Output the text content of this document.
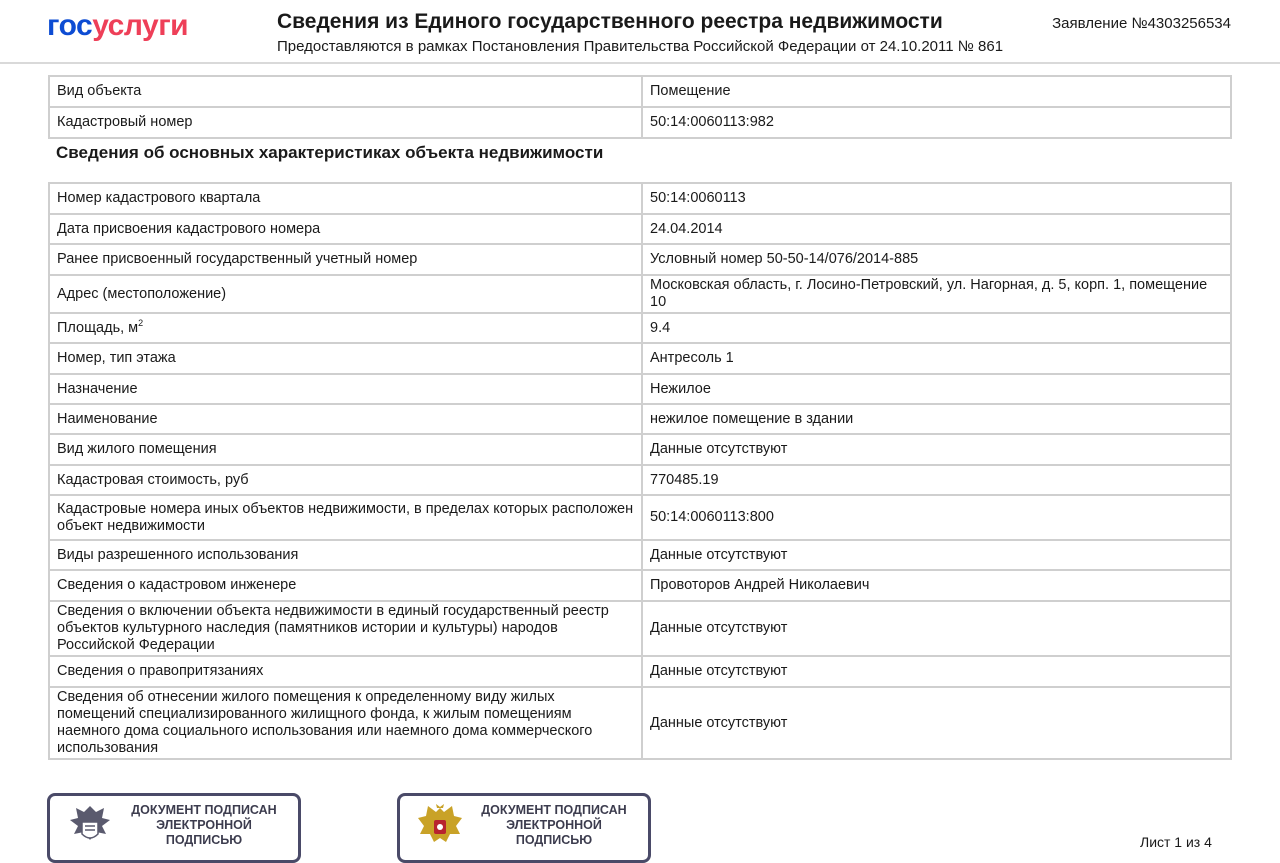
госуслуги	Сведения из Единого государственного реестра недвижимости
Предоставляются в рамках Постановления Правительства Российской Федерации от 24.10.2011 № 861
Заявление №4303256534
Вид объекта	Помещение
Кадастровый номер	50:14:0060113:982
Сведения об основных характеристиках объекта недвижимости
Номер кадастрового квартала	50:14:0060113
Дата присвоения кадастрового номера	24.04.2014
Ранее присвоенный государственный учетный номер	Условный номер 50-50-14/076/2014-885
Адрес (местоположение)	Московская область, г. Лосино-Петровский, ул. Нагорная, д. 5, корп. 1, помещение 10
Площадь, $м^2$	9.4
Номер, тип этажа	Антресоль 1
Назначение	Нежилое
Наименование	нежилое помещение в здании
Вид жилого помещения	Данные отсутствуют
Кадастровая стоимость, руб	770485.19
Кадастровые номера иных объектов недвижимости, в пределах которых расположен объект недвижимости	50:14:0060113:800
Виды разрешенного использования	Данные отсутствуют
Сведения о кадастровом инженере	Провоторов Андрей Николаевич
Сведения о включении объекта недвижимости в единый государственный реестр объектов культурного наследия (памятников истории и культуры) народов Российской Федерации	Данные отсутствуют
Сведения о правопритязаниях	Данные отсутствуют
Сведения об отнесении жилого помещения к определенному виду жилых помещений специализированного жилищного фонда, к жилым помещениям наемного дома социального использования или наемного дома коммерческого использования	Данные отсутствуют
ДОКУМЕНТ ПОДПИСАН ЭЛЕКТРОННОЙ ПОДПИСЬЮ
ДОКУМЕНТ ПОДПИСАН ЭЛЕКТРОННОЙ ПОДПИСЬЮ	Лист 1 из 4
